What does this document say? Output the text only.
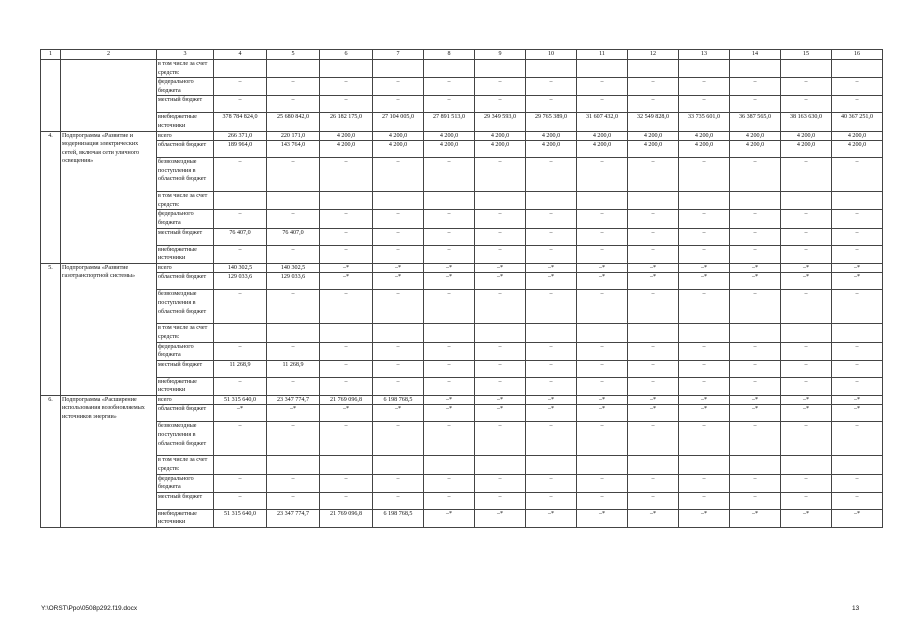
1	2	3	4	5	6	7	8	9	10	11	12	13	14	15	16
		в том числе за счет средств:													
		федерального бюджета	–	–	–	–	–	–	–	–	–	–	–	–	–
		местный бюджет	–	–	–	–	–	–	–	–	–	–	–	–	–
		внебюджетные источники	378 784 824,0	25 680 842,0	26 182 175,0	27 104 005,0	27 891 513,0	29 349 593,0	29 765 389,0	31 607 432,0	32 549 828,0	33 735 601,0	36 387 565,0	38 163 630,0	40 367 251,0
4.	Подпрограмма «Развитие и модернизация электрических сетей, включая сети уличного освещения»	всего	266 371,0	220 171,0	4 200,0	4 200,0	4 200,0	4 200,0	4 200,0	4 200,0	4 200,0	4 200,0	4 200,0	4 200,0	4 200,0
		областной бюджет	189 964,0	143 764,0	4 200,0	4 200,0	4 200,0	4 200,0	4 200,0	4 200,0	4 200,0	4 200,0	4 200,0	4 200,0	4 200,0
		безвозмездные поступления в областной бюджет	–	–	–	–	–	–	–	–	–	–	–	–	–
		в том числе за счет средств:													
		федерального бюджета	–	–	–	–	–	–	–	–	–	–	–	–	–
		местный бюджет	76 407,0	76 407,0	–	–	–	–	–	–	–	–	–	–	–
		внебюджетные источники	–	–	–	–	–	–	–	–	–	–	–	–	–
5.	Подпрограмма «Развитие газотранспортной системы»	всего	140 302,5	140 302,5	–*	–*	–*	–*	–*	–*	–*	–*	–*	–*	–*
		областной бюджет	129 033,6	129 033,6	–*	–*	–*	–*	–*	–*	–*	–*	–*	–*	–*
		безвозмездные поступления в областной бюджет	–	–	–	–	–	–	–	–	–	–	–	–	–
		в том числе за счет средств:													
		федерального бюджета	–	–	–	–	–	–	–	–	–	–	–	–	–
		местный бюджет	11 268,9	11 268,9	–	–	–	–	–	–	–	–	–	–	–
		внебюджетные источники	–	–	–	–	–	–	–	–	–	–	–	–	–
6.	Подпрограмма «Расширение использования возобновляемых источников энергии»	всего	51 315 640,0	23 347 774,7	21 769 096,8	6 198 768,5	–*	–*	–*	–*	–*	–*	–*	–*	–*
		областной бюджет	–*	–*	–*	–*	–*	–*	–*	–*	–*	–*	–*	–*	–*
		безвозмездные поступления в областной бюджет	–	–	–	–	–	–	–	–	–	–	–	–	–
		в том числе за счет средств:													
		федерального бюджета	–	–	–	–	–	–	–	–	–	–	–	–	–
		местный бюджет	–	–	–	–	–	–	–	–	–	–	–	–	–
		внебюджетные источники	51 315 640,0	23 347 774,7	21 769 096,8	6 198 768,5	–*	–*	–*	–*	–*	–*	–*	–*	–*
Y:\ORST\Ppo\0508p292.f19.docx	13
